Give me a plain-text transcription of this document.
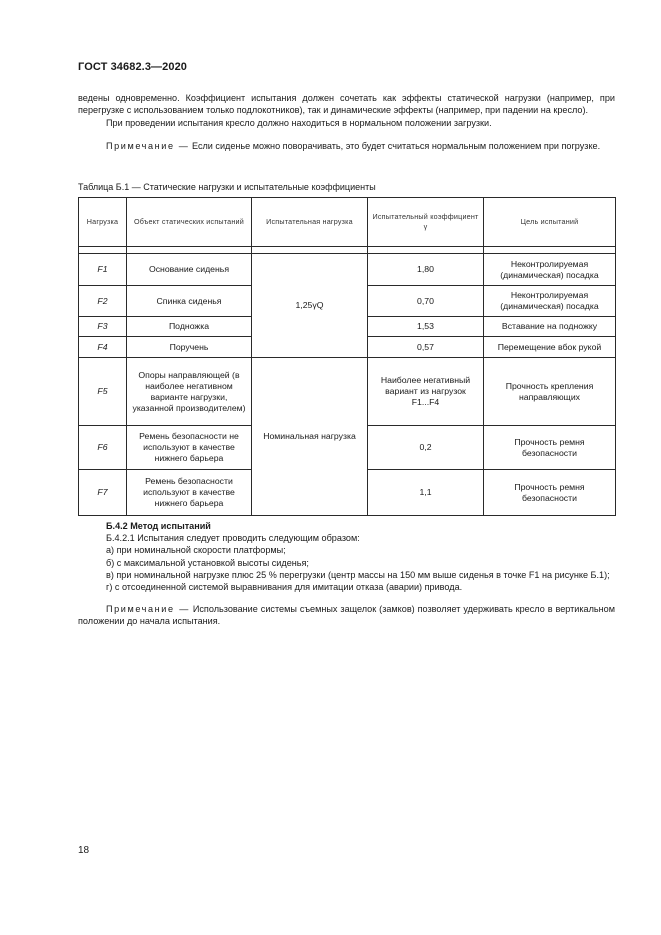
ГОСТ 34682.3—2020

ведены одновременно. Коэффициент испытания должен сочетать как эффекты статической нагрузки (например, при перегрузке с использованием только подлокотников), так и динамические эффекты (например, при падении на кресло).

При проведении испытания кресло должно находиться в нормальном положении загрузки.

Примечание — Если сиденье можно поворачивать, это будет считаться нормальным положением при погрузке.

Таблица Б.1 — Статические нагрузки и испытательные коэффициенты
Нагрузка	Объект статических испытаний	Испытательная нагрузка	Испытательный коэффициент γ	Цель испытаний

F1	Основание сиденья	1,25γQ	1,80	Неконтролируемая (динамическая) посадка
F2	Спинка сиденья		0,70	Неконтролируемая (динамическая) посадка
F3	Подножка		1,53	Вставание на подножку
F4	Поручень		0,57	Перемещение вбок рукой
F5	Опоры направляющей (в наиболее негативном варианте нагрузки, указанной производителем)	Номинальная нагрузка	Наиболее негативный вариант из нагрузок F1...F4	Прочность крепления направляющих
F6	Ремень безопасности не используют в качестве нижнего барьера		0,2	Прочность ремня безопасности
F7	Ремень безопасности используют в качестве нижнего барьера		1,1	Прочность ремня безопасности

Б.4.2 Метод испытаний

Б.4.2.1 Испытания следует проводить следующим образом:

а) при номинальной скорости платформы;

б) с максимальной установкой высоты сиденья;

в) при номинальной нагрузке плюс 25 % перегрузки (центр массы на 150 мм выше сиденья в точке F1 на рисунке Б.1);

г) с отсоединенной системой выравнивания для имитации отказа (аварии) привода.

Примечание — Использование системы съемных защелок (замков) позволяет удерживать кресло в вертикальном положении до начала испытания.

18
